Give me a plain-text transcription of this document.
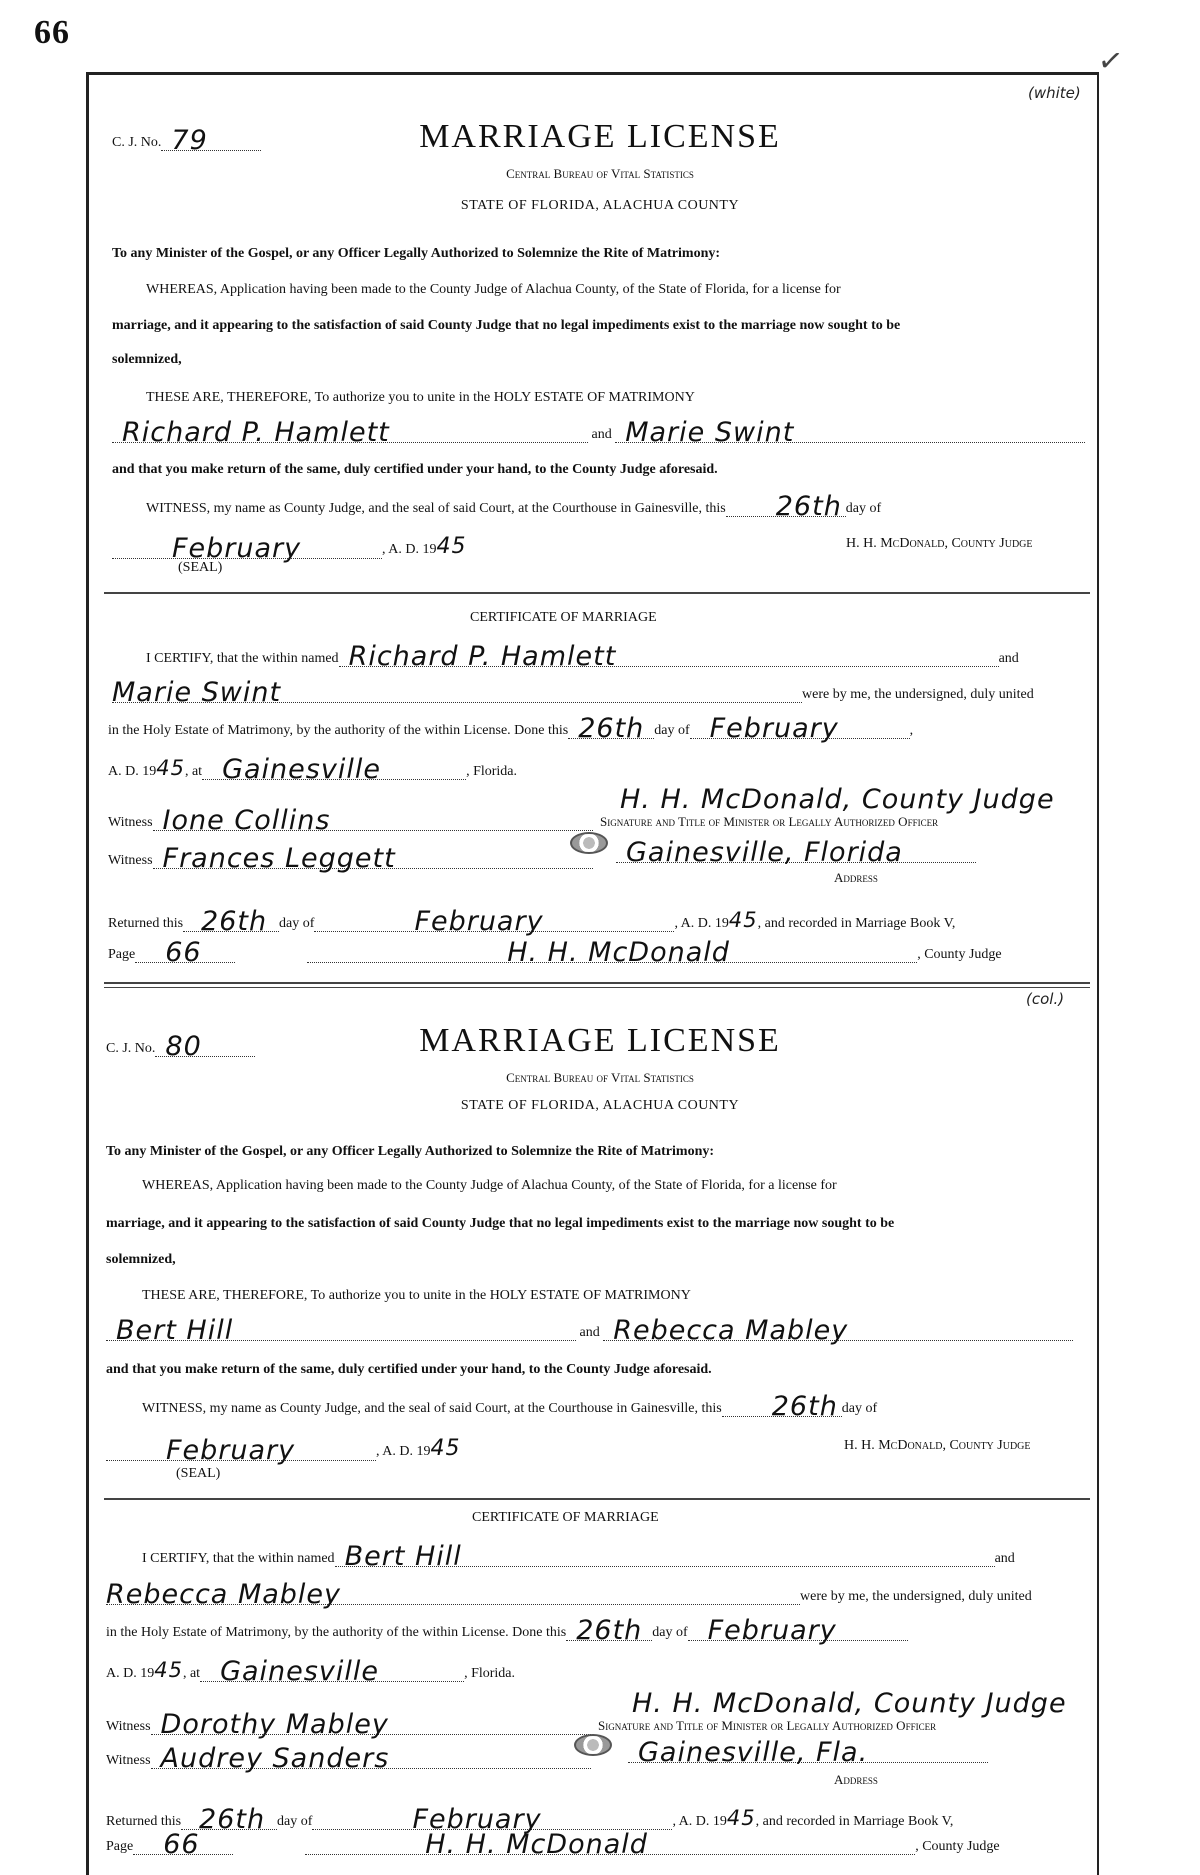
66
✓
(white)
C. J. No. 79	MARRIAGE LICENSE
Central Bureau of Vital Statistics
STATE OF FLORIDA, ALACHUA COUNTY
To any Minister of the Gospel, or any Officer Legally Authorized to Solemnize the Rite of Matrimony:
WHEREAS, Application having been made to the County Judge of Alachua County, of the State of Florida, for a license for
marriage, and it appearing to the satisfaction of said County Judge that no legal impediments exist to the marriage now sought to be
solemnized,
THESE ARE, THEREFORE, To authorize you to unite in the HOLY ESTATE OF MATRIMONY
Richard P. Hamlett	and Marie Swint
and that you make return of the same, duly certified under your hand, to the County Judge aforesaid.
WITNESS, my name as County Judge, and the seal of said Court, at the Courthouse in Gainesville, this 26th day of
February	, A. D. 1945	H. H. McDonald, County Judge
(SEAL)
CERTIFICATE OF MARRIAGE
I CERTIFY, that the within named Richard P. Hamlett	and
Marie Swint	were by me, the undersigned, duly united
in the Holy Estate of Matrimony, by the authority of the within License. Done this 26th day of February	,
A. D. 1945, at Gainesville	, Florida.
Witness Ione Collins
H. H. McDonald, County Judge
Signature and Title of Minister or Legally Authorized Officer
Witness Frances Leggett	Gainesville, Florida
Address
Returned this 26th day of	February	, A. D. 1945, and recorded in Marriage Book V,
Page 66	H. H. McDonald	, County Judge
(col.)
C. J. No. 80	MARRIAGE LICENSE
Central Bureau of Vital Statistics
STATE OF FLORIDA, ALACHUA COUNTY
To any Minister of the Gospel, or any Officer Legally Authorized to Solemnize the Rite of Matrimony:
WHEREAS, Application having been made to the County Judge of Alachua County, of the State of Florida, for a license for
marriage, and it appearing to the satisfaction of said County Judge that no legal impediments exist to the marriage now sought to be
solemnized,
THESE ARE, THEREFORE, To authorize you to unite in the HOLY ESTATE OF MATRIMONY
Bert Hill	and Rebecca Mabley
and that you make return of the same, duly certified under your hand, to the County Judge aforesaid.
WITNESS, my name as County Judge, and the seal of said Court, at the Courthouse in Gainesville, this 26th day of
February	, A. D. 1945	H. H. McDonald, County Judge
(SEAL)
CERTIFICATE OF MARRIAGE
I CERTIFY, that the within named Bert Hill	and
Rebecca Mabley	were by me, the undersigned, duly united
in the Holy Estate of Matrimony, by the authority of the within License. Done this 26th day of February
A. D. 1945, at Gainesville	, Florida.
Witness Dorothy Mabley
H. H. McDonald, County Judge
Signature and Title of Minister or Legally Authorized Officer
Witness Audrey Sanders	Gainesville, Fla.
Address
Returned this 26th day of	February	, A. D. 1945, and recorded in Marriage Book V,
Page 66	H. H. McDonald	, County Judge
